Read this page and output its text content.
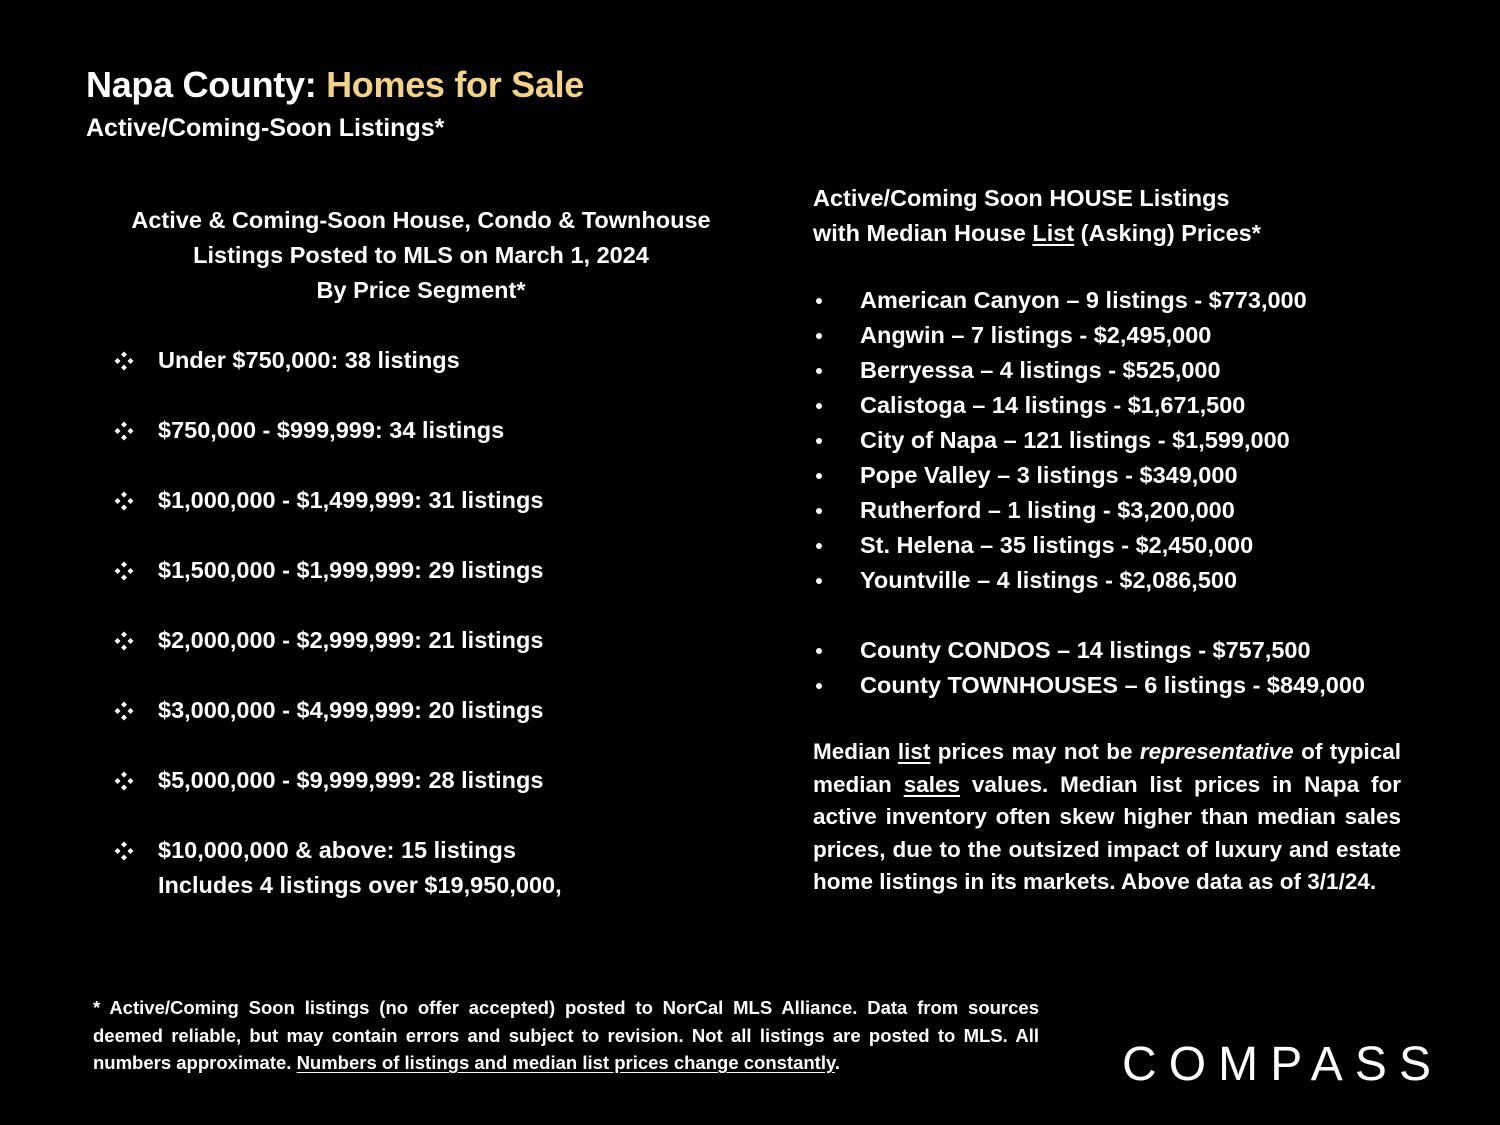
Napa County: Homes for Sale
Active/Coming-Soon Listings*
Active & Coming-Soon House, Condo & Townhouse
Listings Posted to MLS on March 1, 2024
By Price Segment*
Under $750,000: 38 listings
$750,000 - $999,999: 34 listings
$1,000,000 - $1,499,999: 31 listings
$1,500,000 - $1,999,999: 29 listings
$2,000,000 - $2,999,999: 21 listings
$3,000,000 - $4,999,999: 20 listings
$5,000,000 - $9,999,999: 28 listings
$10,000,000 & above: 15 listings
Includes 4 listings over $19,950,000,
Active/Coming Soon HOUSE Listings
with Median House List (Asking) Prices*
American Canyon – 9 listings - $773,000
Angwin – 7 listings - $2,495,000
Berryessa – 4 listings - $525,000
Calistoga – 14 listings - $1,671,500
City of Napa – 121 listings - $1,599,000
Pope Valley – 3 listings - $349,000
Rutherford – 1 listing - $3,200,000
St. Helena – 35 listings - $2,450,000
Yountville – 4 listings - $2,086,500
County CONDOS – 14 listings - $757,500
County TOWNHOUSES – 6 listings - $849,000
Median list prices may not be representative of typical median sales values. Median list prices in Napa for active inventory often skew higher than median sales prices, due to the outsized impact of luxury and estate home listings in its markets. Above data as of 3/1/24.
* Active/Coming Soon listings (no offer accepted) posted to NorCal MLS Alliance. Data from sources deemed reliable, but may contain errors and subject to revision. Not all listings are posted to MLS. All numbers approximate. Numbers of listings and median list prices change constantly.	COMPASS
